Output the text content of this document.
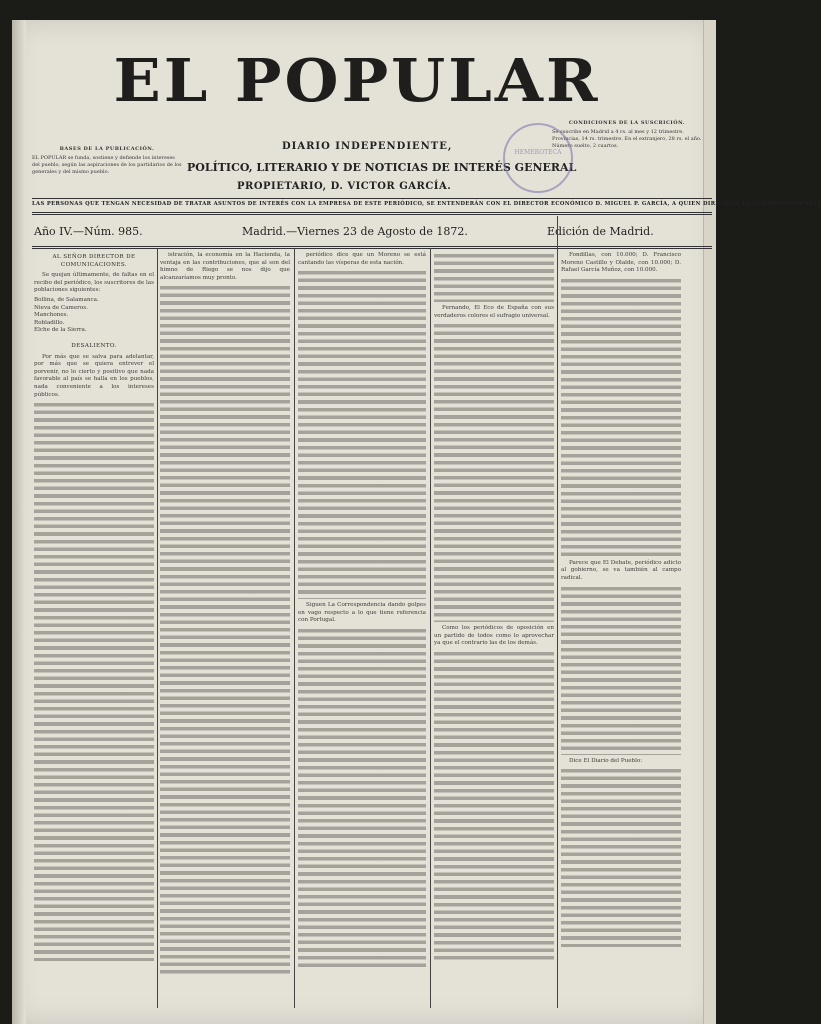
EL POPULAR
BASES DE LA PUBLICACIÓN.
EL POPULAR se funda, sostiene y defiende los intereses del pueblo, según las aspiraciones de los partidarios de los generales y del mismo pueblo.
CONDICIONES DE LA SUSCRICIÓN.
Se suscribe en Madrid a 4 rs. al mes y 12 trimestre. Provincias, 14 rs. trimestre. En el extranjero, 28 rs. el año. Número suelto, 2 cuartos.
DIARIO INDEPENDIENTE,
POLÍTICO, LITERARIO Y DE NOTICIAS DE INTERÉS GENERAL
PROPIETARIO, D. VICTOR GARCÍA.
HEMEROTECA
LAS PERSONAS QUE TENGAN NECESIDAD DE TRATAR ASUNTOS DE INTERÉS CON LA EMPRESA DE ESTE PERIÓDICO, SE ENTENDERÁN CON EL DIRECTOR ECONÓMICO D. MIGUEL P. GARCÍA, A QUIEN DIRIGIRÁN LA CORRESPONDENCIA
Año IV.—Núm. 985.	Madrid.—Viernes 23 de Agosto de 1872.	Edición de Madrid.
AL SEÑOR DIRECTOR DE COMUNICACIONES.

Se quejan últimamente, de faltas en el recibo del periódico, los suscritores de las poblaciones siguientes:

Bollina, de Salamanca.
Nieva de Cameros.
Manchones.
Robladillo.
Elche de la Sierra.
DESALIENTO.

Por más que se salva para adelantar, por más que se quiera entrever el porvenir, no lo cierto y positivo que nada favorable al país se halla en los pueblos, nada conveniente a los intereses públicos.

istración, la economía en la Hacienda, la ventaja en las contribuciones, que al son del himno de Riego se nos dijo que alcanzaríamos muy pronto.

periódico dice que un Moreno se está cantando las vísperas de esta nación.

Siguen La Correspondencia dando golpes en vago respecto a lo que tiene referencia con Portugal.

Fernando, El Eco de España con sus verdaderos colores el sufragio universal.

Como los periódicos de oposición en un partido de todos como lo aprovechar ya que el contrario las de los demás.

Fondillas, con 10.000; D. Francisco Moreno Castillo y Olalde, con 10.000; D. Rafael García Muñoz, con 10.000.

Parece que El Debate, periódico adicto al gobierno, se va también al campo radical.

Dice El Diario del Pueblo:
